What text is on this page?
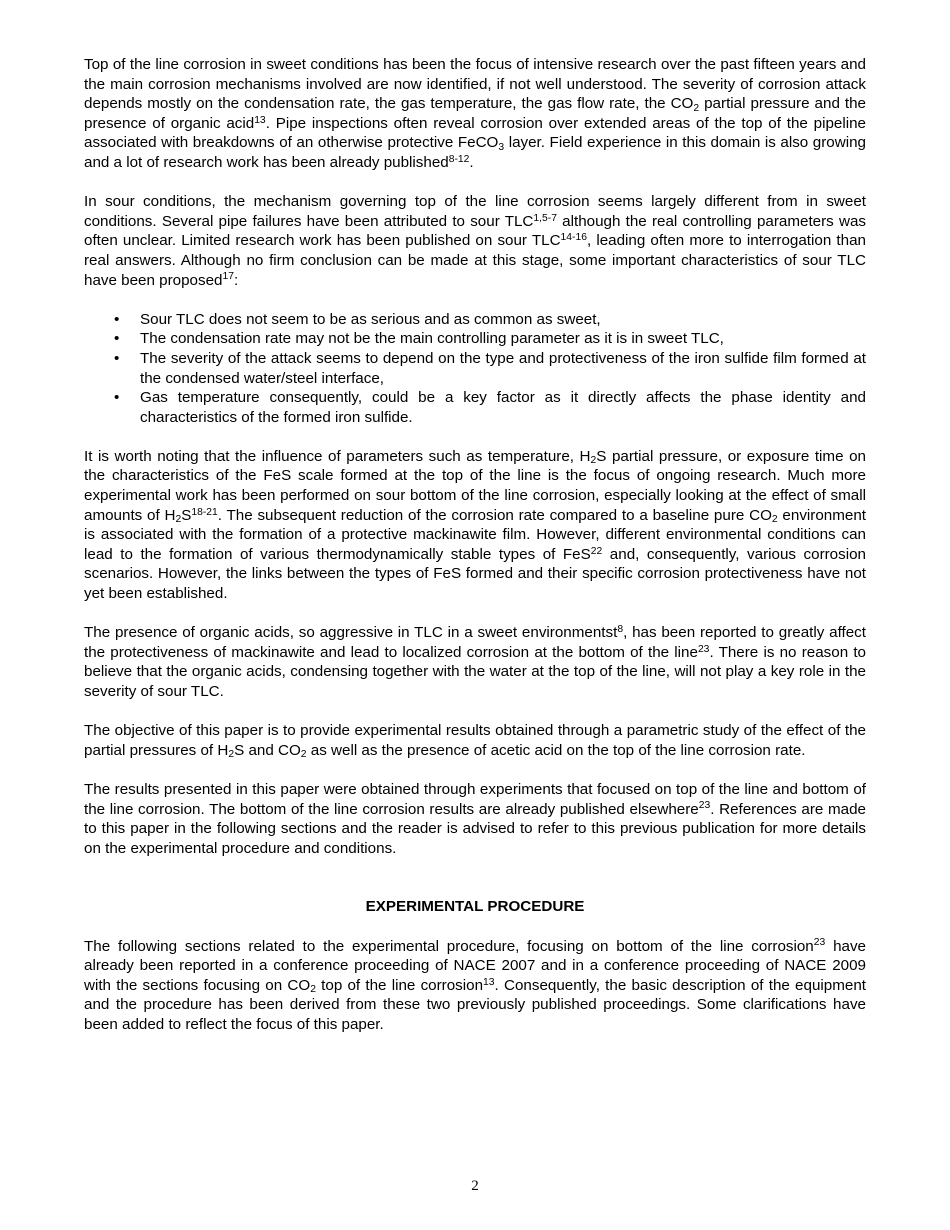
Top of the line corrosion in sweet conditions has been the focus of intensive research over the past fifteen years and the main corrosion mechanisms involved are now identified, if not well understood. The severity of corrosion attack depends mostly on the condensation rate, the gas temperature, the gas flow rate, the $CO_2$ partial pressure and the presence of organic acid$^{13}$. Pipe inspections often reveal corrosion over extended areas of the top of the pipeline associated with breakdowns of an otherwise protective FeCO$_3$ layer. Field experience in this domain is also growing and a lot of research work has been already published$^{8-12}$.

In sour conditions, the mechanism governing top of the line corrosion seems largely different from in sweet conditions. Several pipe failures have been attributed to sour TLC$^{1,5-7}$ although the real controlling parameters was often unclear. Limited research work has been published on sour TLC$^{14-16}$, leading often more to interrogation than real answers. Although no firm conclusion can be made at this stage, some important characteristics of sour TLC have been proposed$^{17}$:

• Sour TLC does not seem to be as serious and as common as sweet,
• The condensation rate may not be the main controlling parameter as it is in sweet TLC,
• The severity of the attack seems to depend on the type and protectiveness of the iron sulfide film formed at the condensed water/steel interface,
• Gas temperature consequently, could be a key factor as it directly affects the phase identity and characteristics of the formed iron sulfide.

It is worth noting that the influence of parameters such as temperature, $H_2S$ partial pressure, or exposure time on the characteristics of the FeS scale formed at the top of the line is the focus of ongoing research. Much more experimental work has been performed on sour bottom of the line corrosion, especially looking at the effect of small amounts of $H_2S^{18-21}$. The subsequent reduction of the corrosion rate compared to a baseline pure $CO_2$ environment is associated with the formation of a protective mackinawite film. However, different environmental conditions can lead to the formation of various thermodynamically stable types of FeS$^{22}$ and, consequently, various corrosion scenarios. However, the links between the types of FeS formed and their specific corrosion protectiveness have not yet been established.

The presence of organic acids, so aggressive in TLC in a sweet environmentst$^8$, has been reported to greatly affect the protectiveness of mackinawite and lead to localized corrosion at the bottom of the line$^{23}$. There is no reason to believe that the organic acids, condensing together with the water at the top of the line, will not play a key role in the severity of sour TLC.

The objective of this paper is to provide experimental results obtained through a parametric study of the effect of the partial pressures of $H_2S$ and $CO_2$ as well as the presence of acetic acid on the top of the line corrosion rate.

The results presented in this paper were obtained through experiments that focused on top of the line and bottom of the line corrosion. The bottom of the line corrosion results are already published elsewhere$^{23}$. References are made to this paper in the following sections and the reader is advised to refer to this previous publication for more details on the experimental procedure and conditions.

EXPERIMENTAL PROCEDURE

The following sections related to the experimental procedure, focusing on bottom of the line corrosion$^{23}$ have already been reported in a conference proceeding of NACE 2007 and in a conference proceeding of NACE 2009 with the sections focusing on $CO_2$ top of the line corrosion$^{13}$. Consequently, the basic description of the equipment and the procedure has been derived from these two previously published proceedings. Some clarifications have been added to reflect the focus of this paper.

2
